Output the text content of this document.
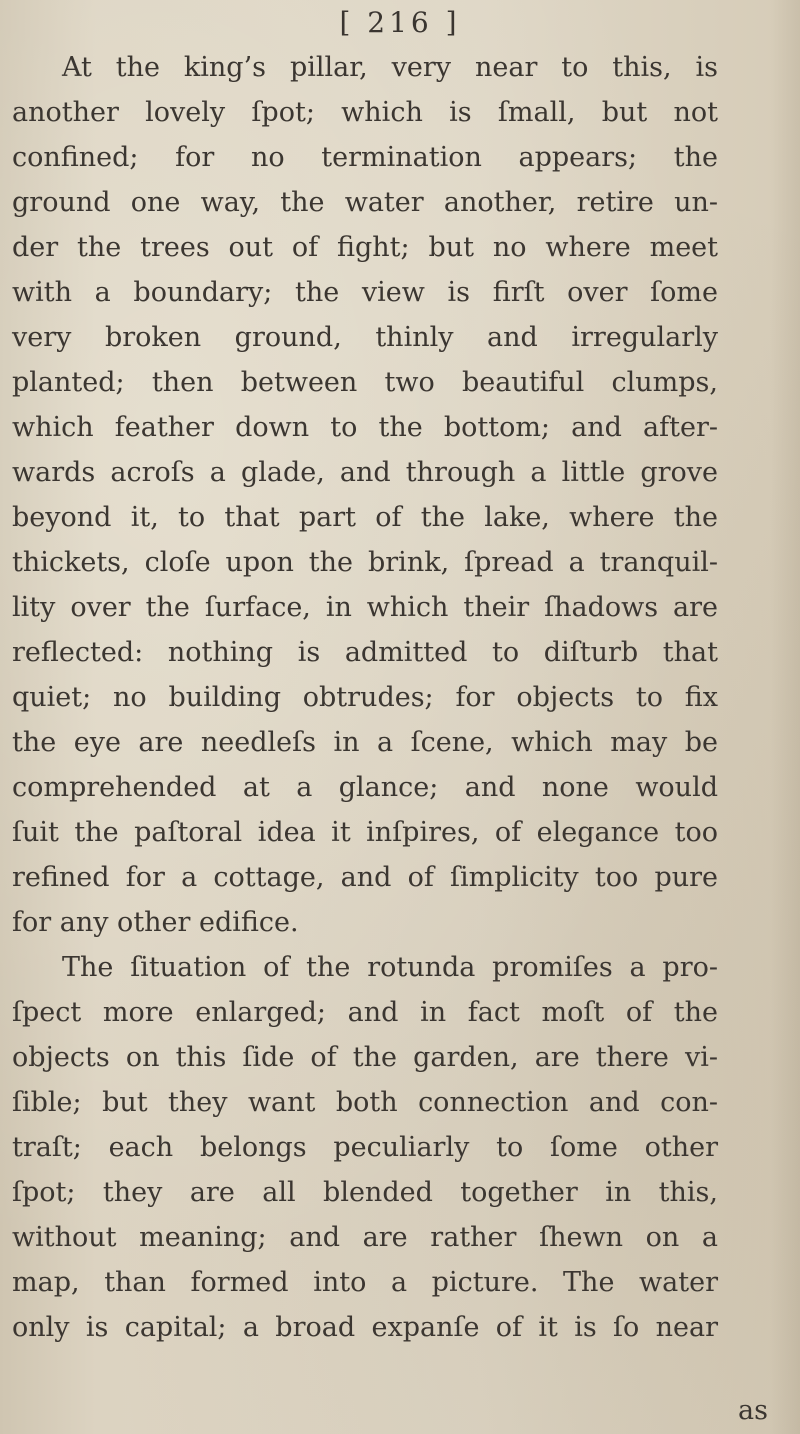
[ 216 ]
At the king’s pillar, very near to this, is
another lovely ſpot; which is ſmall, but not
confined; for no termination appears; the
ground one way, the water another, retire un-
der the trees out of fight; but no where meet
with a boundary; the view is firſt over ſome
very broken ground, thinly and irregularly
planted; then between two beautiful clumps,
which feather down to the bottom; and after-
wards acroſs a glade, and through a little grove
beyond it, to that part of the lake, where the
thickets, cloſe upon the brink, ſpread a tranquil-
lity over the ſurface, in which their ſhadows are
reflected: nothing is admitted to diſturb that
quiet; no building obtrudes; for objects to fix
the eye are needleſs in a ſcene, which may be
comprehended at a glance; and none would
ſuit the paſtoral idea it inſpires, of elegance too
refined for a cottage, and of ſimplicity too pure
for any other edifice.
The ſituation of the rotunda promiſes a pro-
ſpect more enlarged; and in fact moſt of the
objects on this ſide of the garden, are there vi-
ſible; but they want both connection and con-
traſt; each belongs peculiarly to ſome other
ſpot; they are all blended together in this,
without meaning; and are rather ſhewn on a
map, than formed into a picture. The water
only is capital; a broad expanſe of it is ſo near
as
